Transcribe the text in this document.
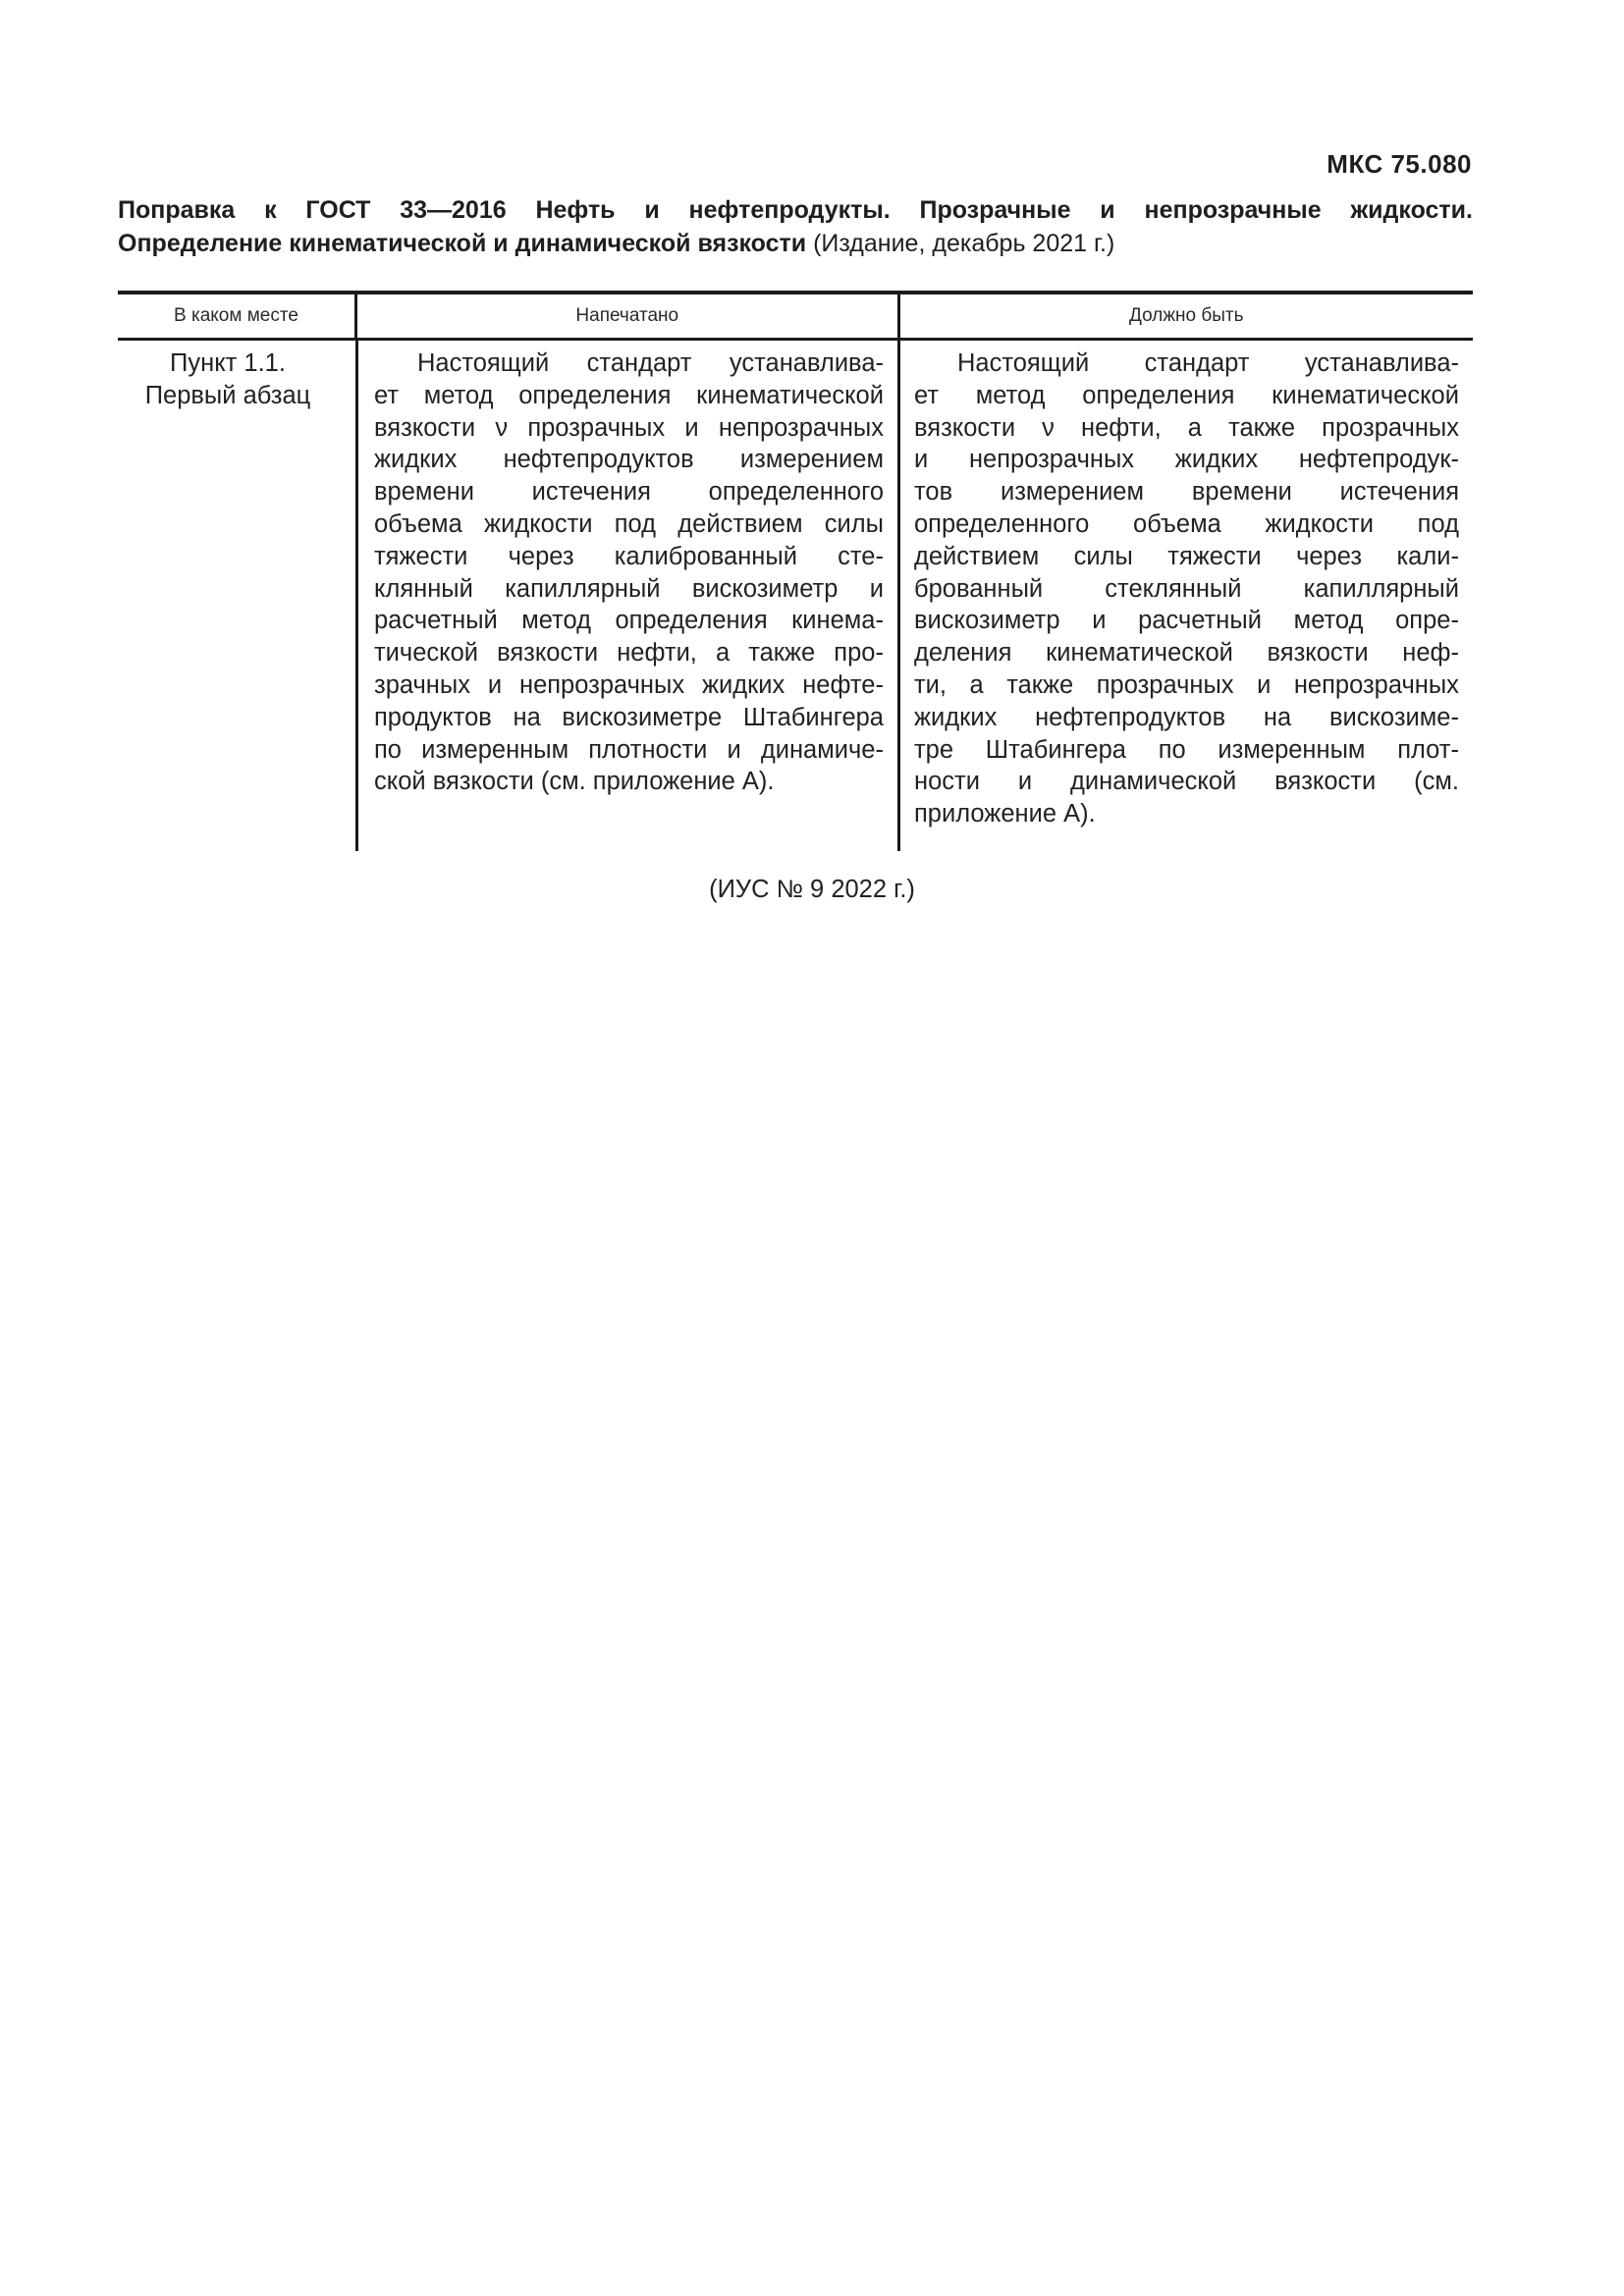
МКС 75.080
Поправка к ГОСТ 33—2016 Нефть и нефтепродукты. Прозрачные и непрозрачные жидкости.
Определение кинематической и динамической вязкости (Издание, декабрь 2021 г.)
В каком месте	Напечатано	Должно быть
Пункт 1.1.
Первый абзац
Настоящий стандарт устанавлива-
ет метод определения кинематической
вязкости ν прозрачных и непрозрачных
жидких нефтепродуктов измерением
времени истечения определенного
объема жидкости под действием силы
тяжести через калиброванный сте-
клянный капиллярный вискозиметр и
расчетный метод определения кинема-
тической вязкости нефти, а также про-
зрачных и непрозрачных жидких нефте-
продуктов на вискозиметре Штабингера
по измеренным плотности и динамиче-
ской вязкости (см. приложение А).
Настоящий стандарт устанавлива-
ет метод определения кинематической
вязкости ν нефти, а также прозрачных
и непрозрачных жидких нефтепродук-
тов измерением времени истечения
определенного объема жидкости под
действием силы тяжести через кали-
брованный стеклянный капиллярный
вискозиметр и расчетный метод опре-
деления кинематической вязкости неф-
ти, а также прозрачных и непрозрачных
жидких нефтепродуктов на вискозиме-
тре Штабингера по измеренным плот-
ности и динамической вязкости (см.
приложение А).
(ИУС № 9 2022 г.)
